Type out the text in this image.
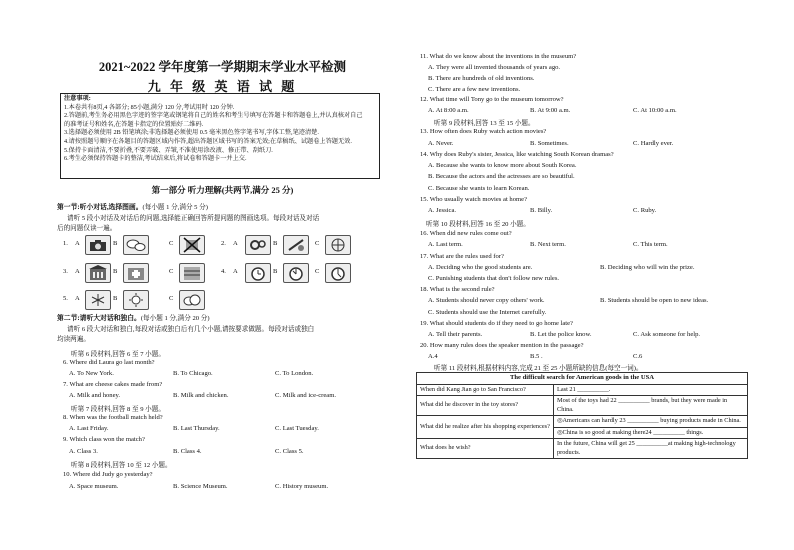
2021~2022 学年度第一学期期末学业水平检测
九 年 级 英 语 试 题
注意事项:
1.本卷共有8页,4 各部分; 85小题,满分 120 分,考试用时 120 分钟.
2.答题前,考生务必用黑色字迹的签字笔或钢笔将自己的姓名和考生号填写在答题卡和答题卷上,并认真核对自己
的准考证号和姓名,在答题卡指定的位置贴好二维码.
3.选择题必须使用 2B 铅笔填涂;非选择题必须使用 0.5 毫米黑色签字笔书写,字体工整,笔迹清楚.
4.请按照题号顺序在各题目的答题区域内作答,超出答题区域书写的答案无效;在草稿纸、试题卷上答题无效.
5.保持卡面清洁,不要折叠,不要弄破、弄皱,不准使用涂改液、修正带、刮纸刀.
6.考生必须保持答题卡的整洁,考试结束后,将试卷和答题卡一并上交.
第一部分 听力理解(共两节,满分 25 分)
第一节:听小对话,选择图画。(每小题 1 分,满分 5 分)
请听 5 段小对话及对话后的问题,选择能正确回答所提问题的图画选项。每段对话及对话
后的问题仅读一遍。
1. A	B	C	2. A	B	C
3. A	B	C	4. A	B	C
5. A	B	C
第二节:请听大对话和独白。(每小题 1 分,满分 20 分)
请听 6 段大对话和独白,每段对话或独白后有几个小题,请按要求做题。每段对话或独白
均读两遍。
听第 6 段材料,回答 6 至 7 小题。
6. Where did Laura go last month?
A. To New York.	B. To Chicago.	C. To London.
7. What are cheese cakes made from?
A. Milk and honey.	B. Milk and chicken.	C. Milk and ice-cream.
听第 7 段材料,回答 8 至 9 小题。
8. When was the football match held?
A. Last Friday.	B. Last Thursday.	C. Last Tuesday.
9. Which class won the match?
A. Class 3.	B. Class 4.	C. Class 5.
听第 8 段材料,回答 10 至 12 小题。
10. Where did Judy go yesterday?
A. Space museum.	B. Science Museum.	C. History museum.
11. What do we know about the inventions in the museum?
A. They were all invented thousands of years ago.
B. There are hundreds of old inventions.
C. There are a few new inventions.
12. What time will Tony go to the museum tomorrow?
A. At 8:00 a.m.	B. At 9:00 a.m.	C. At 10:00 a.m.
听第 9 段材料,回答 13 至 15 小题。
13. How often does Ruby watch action movies?
A. Never.	B. Sometimes.	C. Hardly ever.
14. Why does Ruby's sister, Jessica, like watching South Korean dramas?
A. Because she wants to know more about South Korea.
B. Because the actors and the actresses are so beautiful.
C. Because she wants to learn Korean.
15. Who usually watch movies at home?
A. Jessica.	B. Billy.	C. Ruby.
听第 10 段材料,回答 16 至 20 小题。
16. When did new rules come out?
A. Last term.	B. Next term.	C. This term.
17. What are the rules used for?
A. Deciding who the good students are.	B. Deciding who will win the prize.
C. Punishing students that don't follow new rules.
18. What is the second rule?
A. Students should never copy others' work.	B. Students should be open to new ideas.
C. Students should use the Internet carefully.
19. What should students do if they need to go home late?
A. Tell their parents.	B. Let the police know.	C. Ask someone for help.
20. How many rules does the speaker mention in the passage?
A.4	B.5 .	C.6
听第 11 段材料,根据材料内容,完成 21 至 25 小题所缺的信息(每空一词)。
The difficult search for American goods in the USA	
When did Kang Jian go to San Francisco?	Last 21 __________.
What did he discover in the toy stores?	Most of the toys had 22 __________ brands, but they were made in China.
What did he realize after his shopping experiences?	◎Americans can hardly 23 __________ buying products made in China.
◎China is so good at making there24 __________ things.

What does he wish?	In the future, China will get 25 __________at making high-technology products.
